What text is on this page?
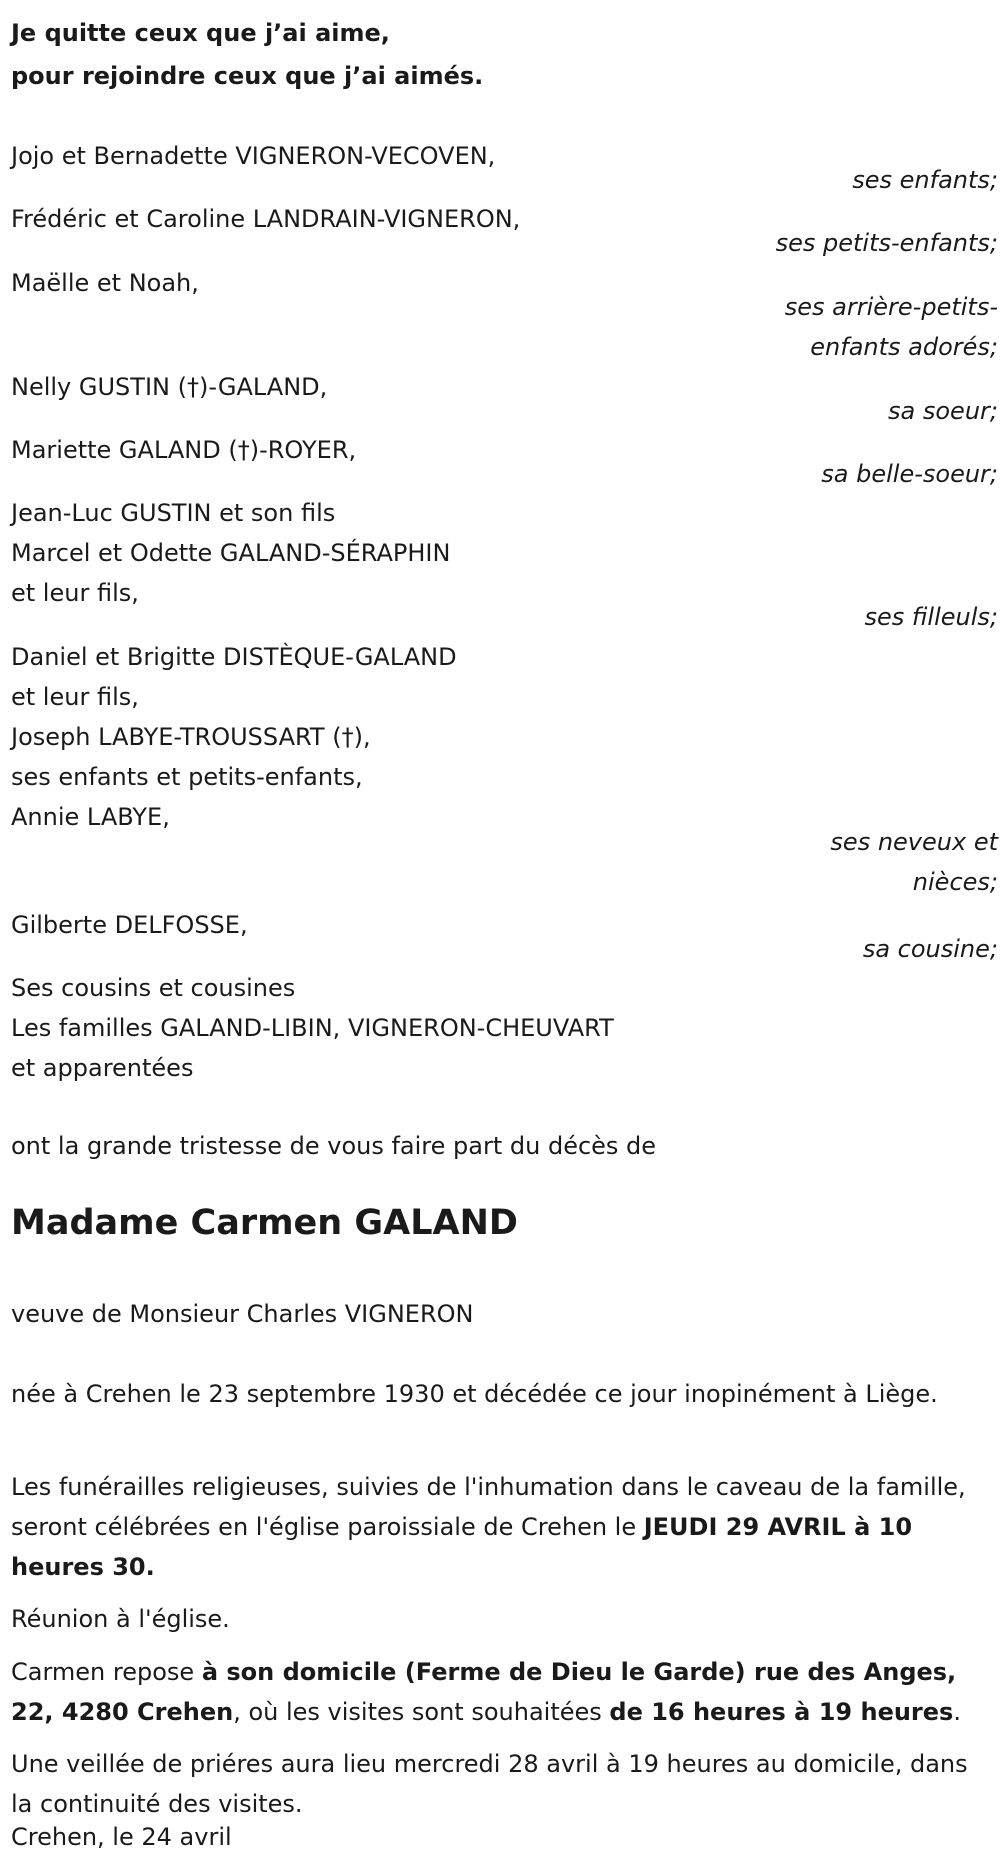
Je quitte ceux que j’ai aime,
pour rejoindre ceux que j’ai aimés.
Jojo et Bernadette VIGNERON-VECOVEN,
ses enfants;
Frédéric et Caroline LANDRAIN-VIGNERON,
ses petits-enfants;
Maëlle et Noah,
ses arrière-petits-enfants adorés;
Nelly GUSTIN (†)-GALAND,
sa soeur;
Mariette GALAND (†)-ROYER,
sa belle-soeur;
Jean-Luc GUSTIN et son fils
Marcel et Odette GALAND-SÉRAPHIN
et leur fils,
ses filleuls;
Daniel et Brigitte DISTÈQUE-GALAND
et leur fils,
Joseph LABYE-TROUSSART (†),
ses enfants et petits-enfants,
Annie LABYE,
ses neveux et nièces;
Gilberte DELFOSSE,
sa cousine;
Ses cousins et cousines
Les familles GALAND-LIBIN, VIGNERON-CHEUVART
et apparentées
ont la grande tristesse de vous faire part du décès de
Madame Carmen GALAND
veuve de Monsieur Charles VIGNERON
née à Crehen le 23 septembre 1930 et décédée ce jour inopinément à Liège.
Les funérailles religieuses, suivies de l'inhumation dans le caveau de la famille, seront célébrées en l'église paroissiale de Crehen le JEUDI 29 AVRIL à 10 heures 30.
Réunion à l'église.
Carmen repose à son domicile (Ferme de Dieu le Garde) rue des Anges, 22, 4280 Crehen, où les visites sont souhaitées de 16 heures à 19 heures.
Une veillée de priéres aura lieu mercredi 28 avril à 19 heures au domicile, dans la continuité des visites.
Crehen, le 24 avril
